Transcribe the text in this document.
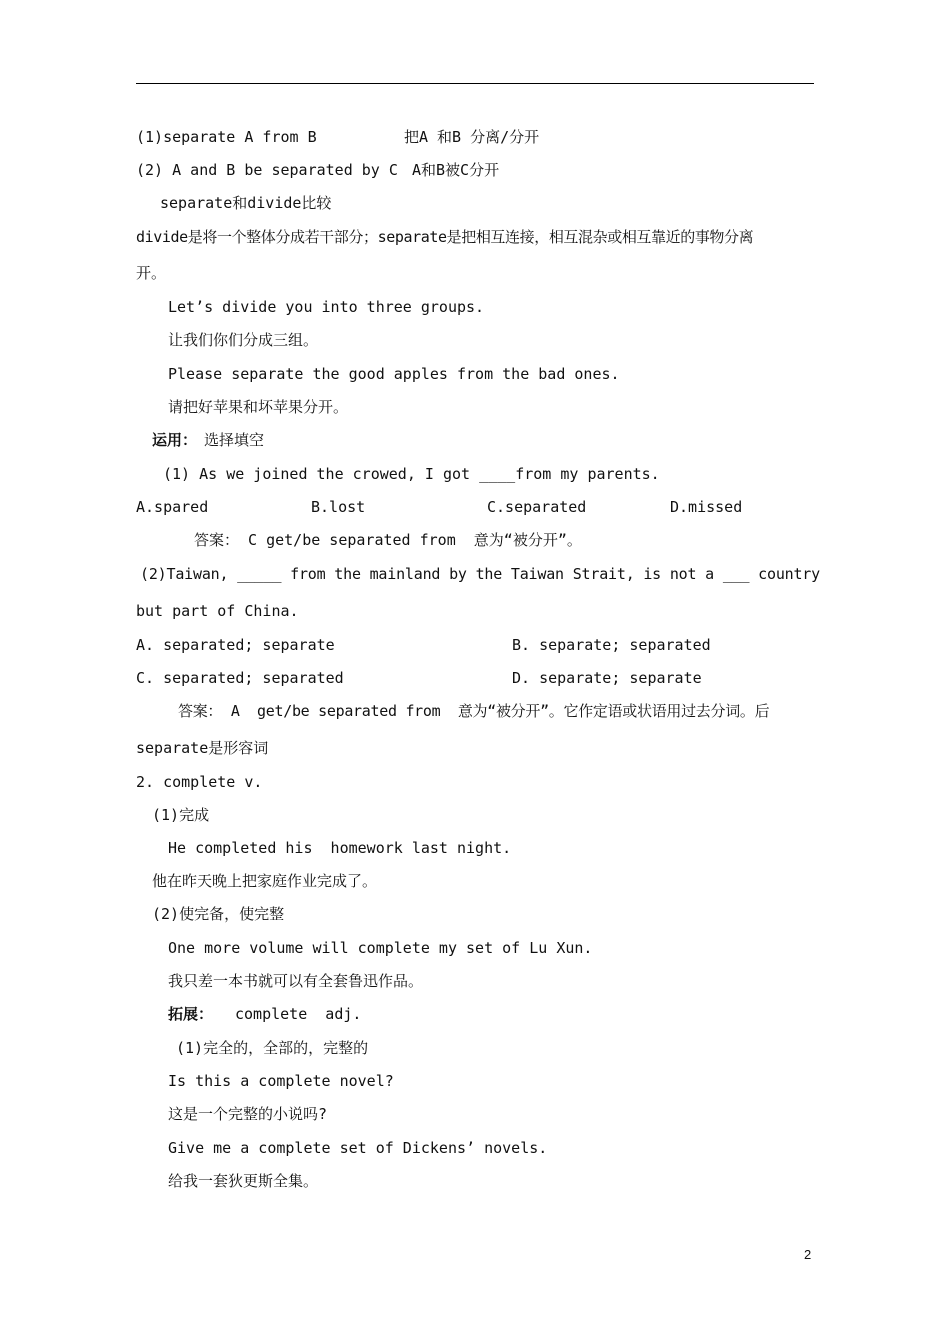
(1)separate A from B	把A 和B 分离/分开
(2) A and B be separated by C A和B被C分开
separate和divide比较
divide是将一个整体分成若干部分；separate是把相互连接，相互混杂或相互靠近的事物分离
开。
Let’s divide you into three groups.
让我们你们分成三组。
Please separate the good apples from the bad ones.
请把好苹果和坏苹果分开。
运用： 选择填空
(1) As we joined the crowed, I got ____from my parents.
A.spared	B.lost	C.separated	D.missed
答案： C get/be separated from  意为“被分开”。
(2)Taiwan, _____ from the mainland by the Taiwan Strait, is not a ___ country
but part of China.
A. separated; separate	B. separate; separated
C. separated; separated	D. separate; separate
答案： A  get/be separated from  意为“被分开”。它作定语或状语用过去分词。后
separate是形容词
2. complete v.
(1)完成
He completed his  homework last night.
他在昨天晚上把家庭作业完成了。
(2)使完备，使完整
One more volume will complete my set of Lu Xun.
我只差一本书就可以有全套鲁迅作品。
拓展： complete  adj.
(1)完全的，全部的，完整的
Is this a complete novel?
这是一个完整的小说吗?
Give me a complete set of Dickens’ novels.
给我一套狄更斯全集。
2
